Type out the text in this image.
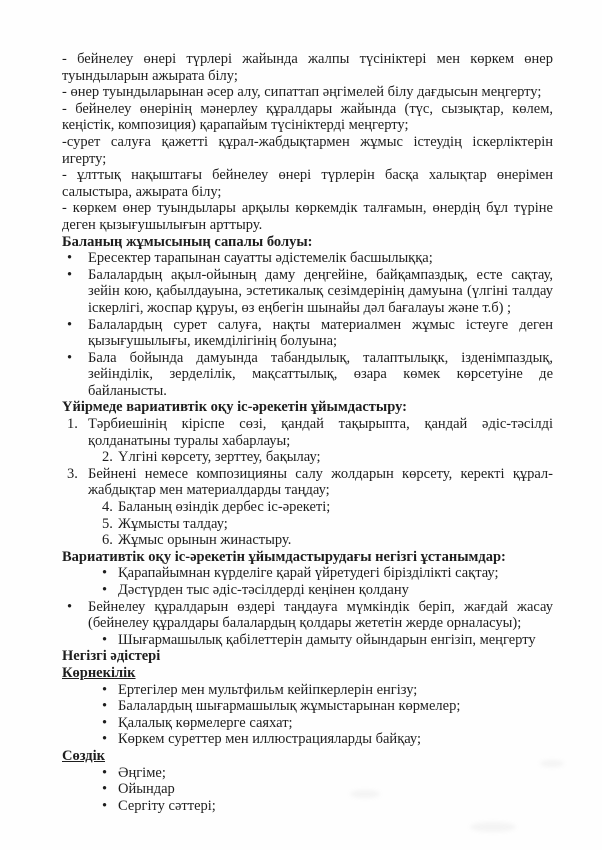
- бейнелеу өнері түрлері жайында жалпы түсініктері мен көркем өнер туындыларын ажырата білу;

- өнер туындыларынан әсер алу, сипаттап әңгімелей білу дағдысын меңгерту;

- бейнелеу өнерінің мәнерлеу құралдары жайында (түс, сызықтар, көлем, кеңістік, композиция) қарапайым түсініктерді меңгерту;

-сурет салуға қажетті құрал-жабдықтармен жұмыс істеудің іскерліктерін игерту;

- ұлттық нақыштағы бейнелеу өнері түрлерін басқа халықтар өнерімен салыстыра, ажырата білу;

- көркем өнер туындылары арқылы көркемдік талғамын, өнердің бұл түріне деген қызығушылығын арттыру.

Баланың жұмысының сапалы болуы:

• Ересектер тарапынан сауатты әдістемелік басшылыққа;
• Балалардың ақыл-ойының даму деңгейіне, байқампаздық, есте сақтау, зейін кою, қабылдауына, эстетикалық сезімдерінің дамуына (үлгіні талдау іскерлігі, жоспар құруы, өз еңбегін шынайы дәл бағалауы және т.б) ;
• Балалардың сурет салуға, нақты материалмен жұмыс істеуге деген қызығушылығы, икемділігінің болуына;
• Бала бойында дамуында табандылық, талаптылықк, ізденімпаздық, зейінділік, зерделілік, мақсаттылық, өзара көмек көрсетуіне де байланысты.

Үйірмеде вариативтік оқу іс-әрекетін ұйымдастыру:

1. Тәрбиешінің кіріспе сөзі, қандай тақырыпта, қандай әдіс-тәсілді қолданатыны туралы хабарлауы;
2. Үлгіні көрсету, зерттеу, бақылау;
3. Бейнені немесе композицияны салу жолдарын көрсету, керекті құрал-жабдықтар мен материалдарды таңдау;
4. Баланың өзіндік дербес іс-әрекеті;
5. Жұмысты талдау;
6. Жұмыс орынын жинастыру.

Вариативтік оқу іс-әрекетін ұйымдастырудағы негізгі ұстанымдар:

• Қарапайымнан күрделіге қарай үйретудегі бірізділікті сақтау;
• Дәстүрден тыс әдіс-тәсілдерді кеңінен қолдану
• Бейнелеу құралдарын өздері таңдауға мүмкіндік беріп, жағдай жасау (бейнелеу құралдары балалардың қолдары жететін жерде орналасуы);
• Шығармашылық қабілеттерін дамыту ойындарын енгізіп, меңгерту

Негізгі әдістері

Көрнекілік

• Ертегілер мен мультфильм кейіпкерлерін енгізу;
• Балалардың шығармашылық жұмыстарынан көрмелер;
• Қалалық көрмелерге саяхат;
• Көркем суреттер мен иллюстрацияларды байқау;

Сөздік

• Әңгіме;
• Ойындар
• Сергіту сәттері;
